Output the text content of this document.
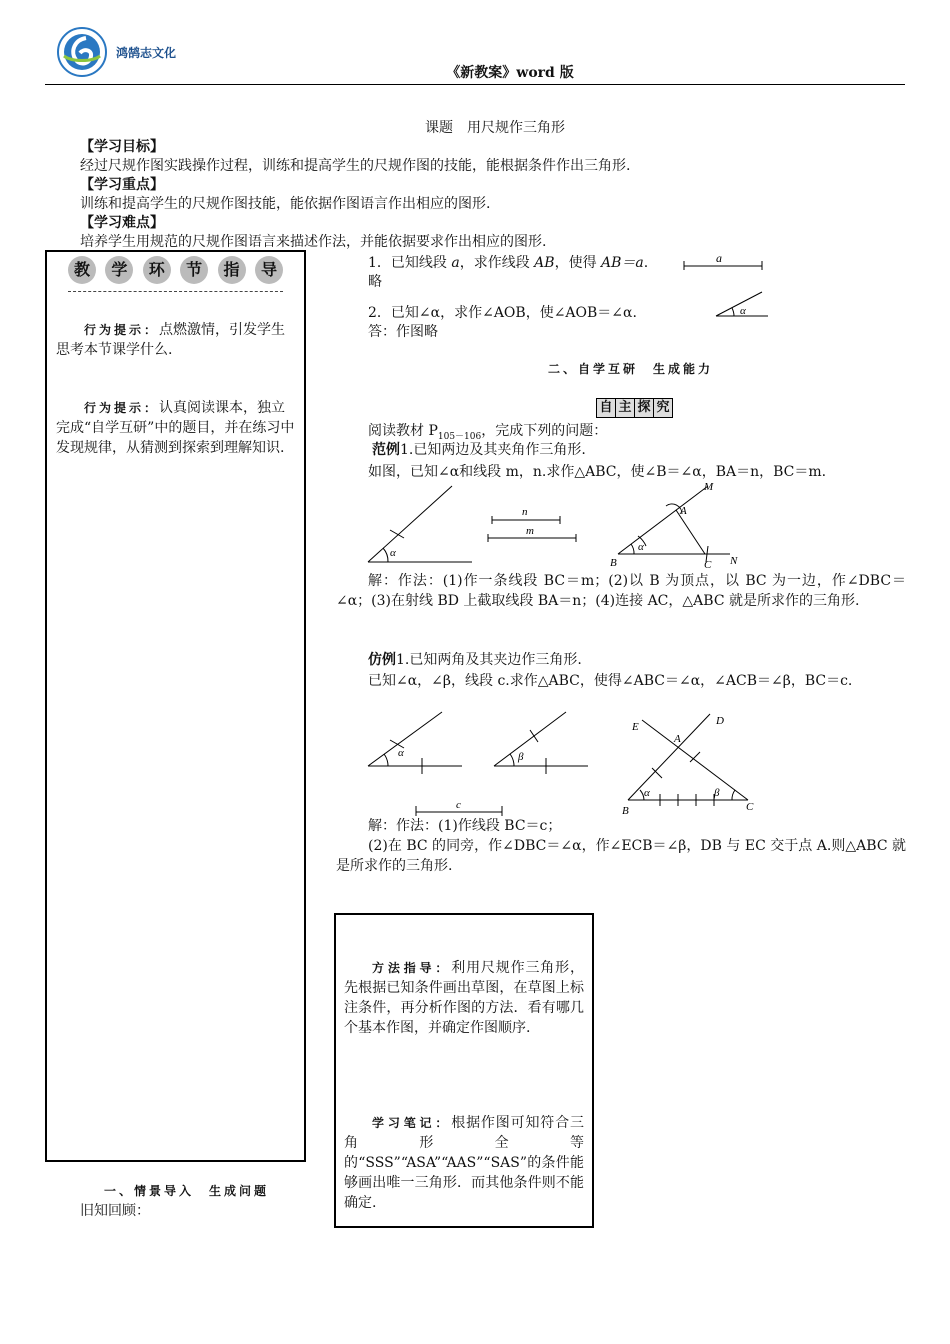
鸿鹄志文化
《新教案》word 版
课题　用尺规作三角形
【学习目标】
经过尺规作图实践操作过程，训练和提高学生的尺规作图的技能，能根据条件作出三角形.
【学习重点】
训练和提高学生的尺规作图技能，能依据作图语言作出相应的图形.
【学习难点】
培养学生用规范的尺规作图语言来描述作法，并能依据要求作出相应的图形.
教	学	环	节	指	导
行为提示：点燃激情，引发学生思考本节课学什么.
行为提示：认真阅读课本，独立完成“自学互研”中的题目，并在练习中发现规律，从猜测到探索到理解知识.
一、情景导入　生成问题
旧知回顾：
1．已知线段 a，求作线段 AB，使得 AB＝a.	a
略
2．已知∠α，求作∠AOB，使∠AOB＝∠α.	α
答：作图略
二、自学互研　生成能力
自 主 探 究
阅读教材 $P_{105-106}$，完成下列的问题：
范例1.已知两边及其夹角作三角形.
如图，已知∠α和线段 m，n.求作△ABC，使∠B＝∠α，BA＝n，BC＝m.
α
n
m
α
M
A
B	C N
解：作法：(1)作一条线段 BC＝m；(2)以 B 为顶点，以 BC 为一边，作∠DBC＝∠α；(3)在射线 BD 上截取线段 BA＝n；(4)连接 AC，△ABC 就是所求作的三角形.
仿例1.已知两角及其夹边作三角形.
已知∠α，∠β，线段 c.求作△ABC，使得∠ABC＝∠α，∠ACB＝∠β，BC＝c.
α	β
c
α	β
E	D
A
B	C
解：作法：(1)作线段 BC＝c；
(2)在 BC 的同旁，作∠DBC＝∠α，作∠ECB＝∠β，DB 与 EC 交于点 A.则△ABC 就是所求作的三角形.
方法指导：利用尺规作三角形，先根据已知条件画出草图，在草图上标注条件，再分析作图的方法．看有哪几个基本作图，并确定作图顺序.
学习笔记：根据作图可知符合三角形全等的“SSS”“ASA”“AAS”“SAS”的条件能够画出唯一三角形．而其他条件则不能确定.
